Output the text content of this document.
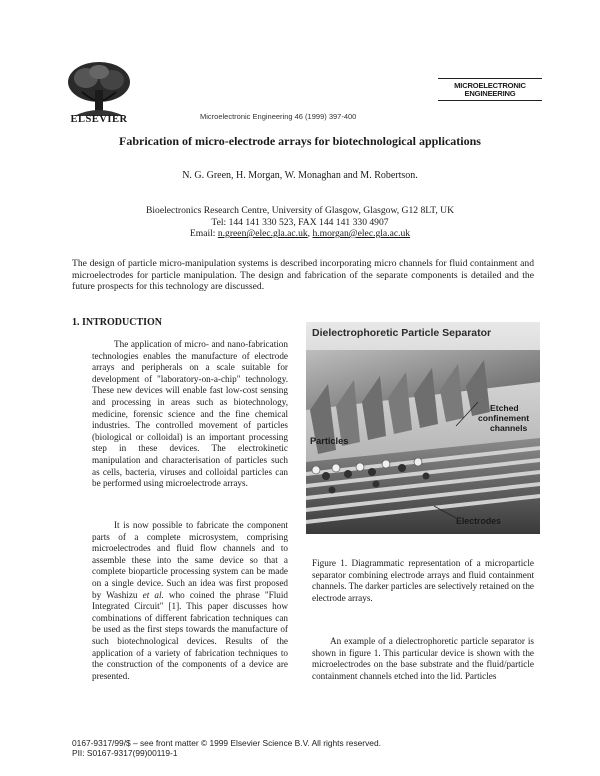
ELSEVIER	Microelectronic Engineering 46 (1999) 397-400
MICROELECTRONIC
ENGINEERING
Fabrication of micro-electrode arrays for biotechnological applications
N. G. Green, H. Morgan, W. Monaghan and M. Robertson.
Bioelectronics Research Centre, University of Glasgow, Glasgow, G12 8LT, UK
Tel: 144 141 330 523, FAX 144 141 330 4907
Email: n.green@elec.gla.ac.uk, h.morgan@elec.gla.ac.uk
The design of particle micro-manipulation systems is described incorporating micro channels for fluid containment and microelectrodes for particle manipulation. The design and fabrication of the separate components is detailed and the future prospects for this technology are discussed.
1. INTRODUCTION
The application of micro- and nano-fabrication technologies enables the manufacture of electrode arrays and peripherals on a scale suitable for development of "laboratory-on-a-chip" technology. These new devices will enable fast low-cost sensing and processing in areas such as biotechnology, medicine, forensic science and the fine chemical industries. The controlled movement of particles (biological or colloidal) is an important processing step in these devices. The electrokinetic manipulation and characterisation of particles such as cells, bacteria, viruses and colloidal particles can be performed using microelectrode arrays.
It is now possible to fabricate the component parts of a complete microsystem, comprising microelectrodes and fluid flow channels and to assemble these into the same device so that a complete bioparticle processing system can be made on a single device. Such an idea was first proposed by Washizu et al. who coined the phrase "Fluid Integrated Circuit" [1]. This paper discusses how combinations of different fabrication techniques can be used as the first steps towards the manufacture of such biotechnological devices. Results of the application of a variety of fabrication techniques to the construction of the components of a device are presented.
Dielectrophoretic Particle Separator
Etched
confinement
channels
Particles
Electrodes
Figure 1. Diagrammatic representation of a microparticle separator combining electrode arrays and fluid containment channels. The darker particles are selectively retained on the electrode arrays.
An example of a dielectrophoretic particle separator is shown in figure 1. This particular device is shown with the microelectrodes on the base substrate and the fluid/particle containment channels etched into the lid. Particles
0167-9317/99/$ – see front matter © 1999 Elsevier Science B.V. All rights reserved.
PII: S0167-9317(99)00119-1
